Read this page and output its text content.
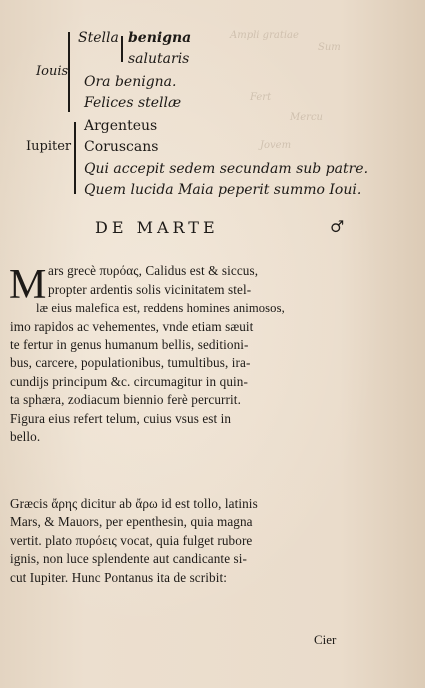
Ampli gratiae
Sum
Fert
Mercu
Jovem
Iouis
Stella benigna
salutaris
Ora benigna.
Felices stellæ
Iupiter
Argenteus
Coruscans
Qui accepit sedem secundam sub patre.
Quem lucida Maia peperit summo Ioui.
DE MARTE	♂
M ars grecè πυρόας, Calidus est & siccus,
propter ardentis solis vicinitatem stel-
læ eius malefica est, reddens homines animosos,
imo rapidos ac vehementes, vnde etiam sæuit
te fertur in genus humanum bellis, seditioni-
bus, carcere, populationibus, tumultibus, ira-
cundijs principum &c. circumagitur in quin-
ta sphæra, zodiacum biennio ferè percurrit.
Figura eius refert telum, cuius vsus est in
bello.
Græcis ἄρης dicitur ab ἄρω id est tollo, latinis
Mars, & Mauors, per epenthesin, quia magna
vertit. plato πυρόεις vocat, quia fulget rubore
ignis, non luce splendente aut candicante si-
cut Iupiter. Hunc Pontanus ita de scribit:
Cier
